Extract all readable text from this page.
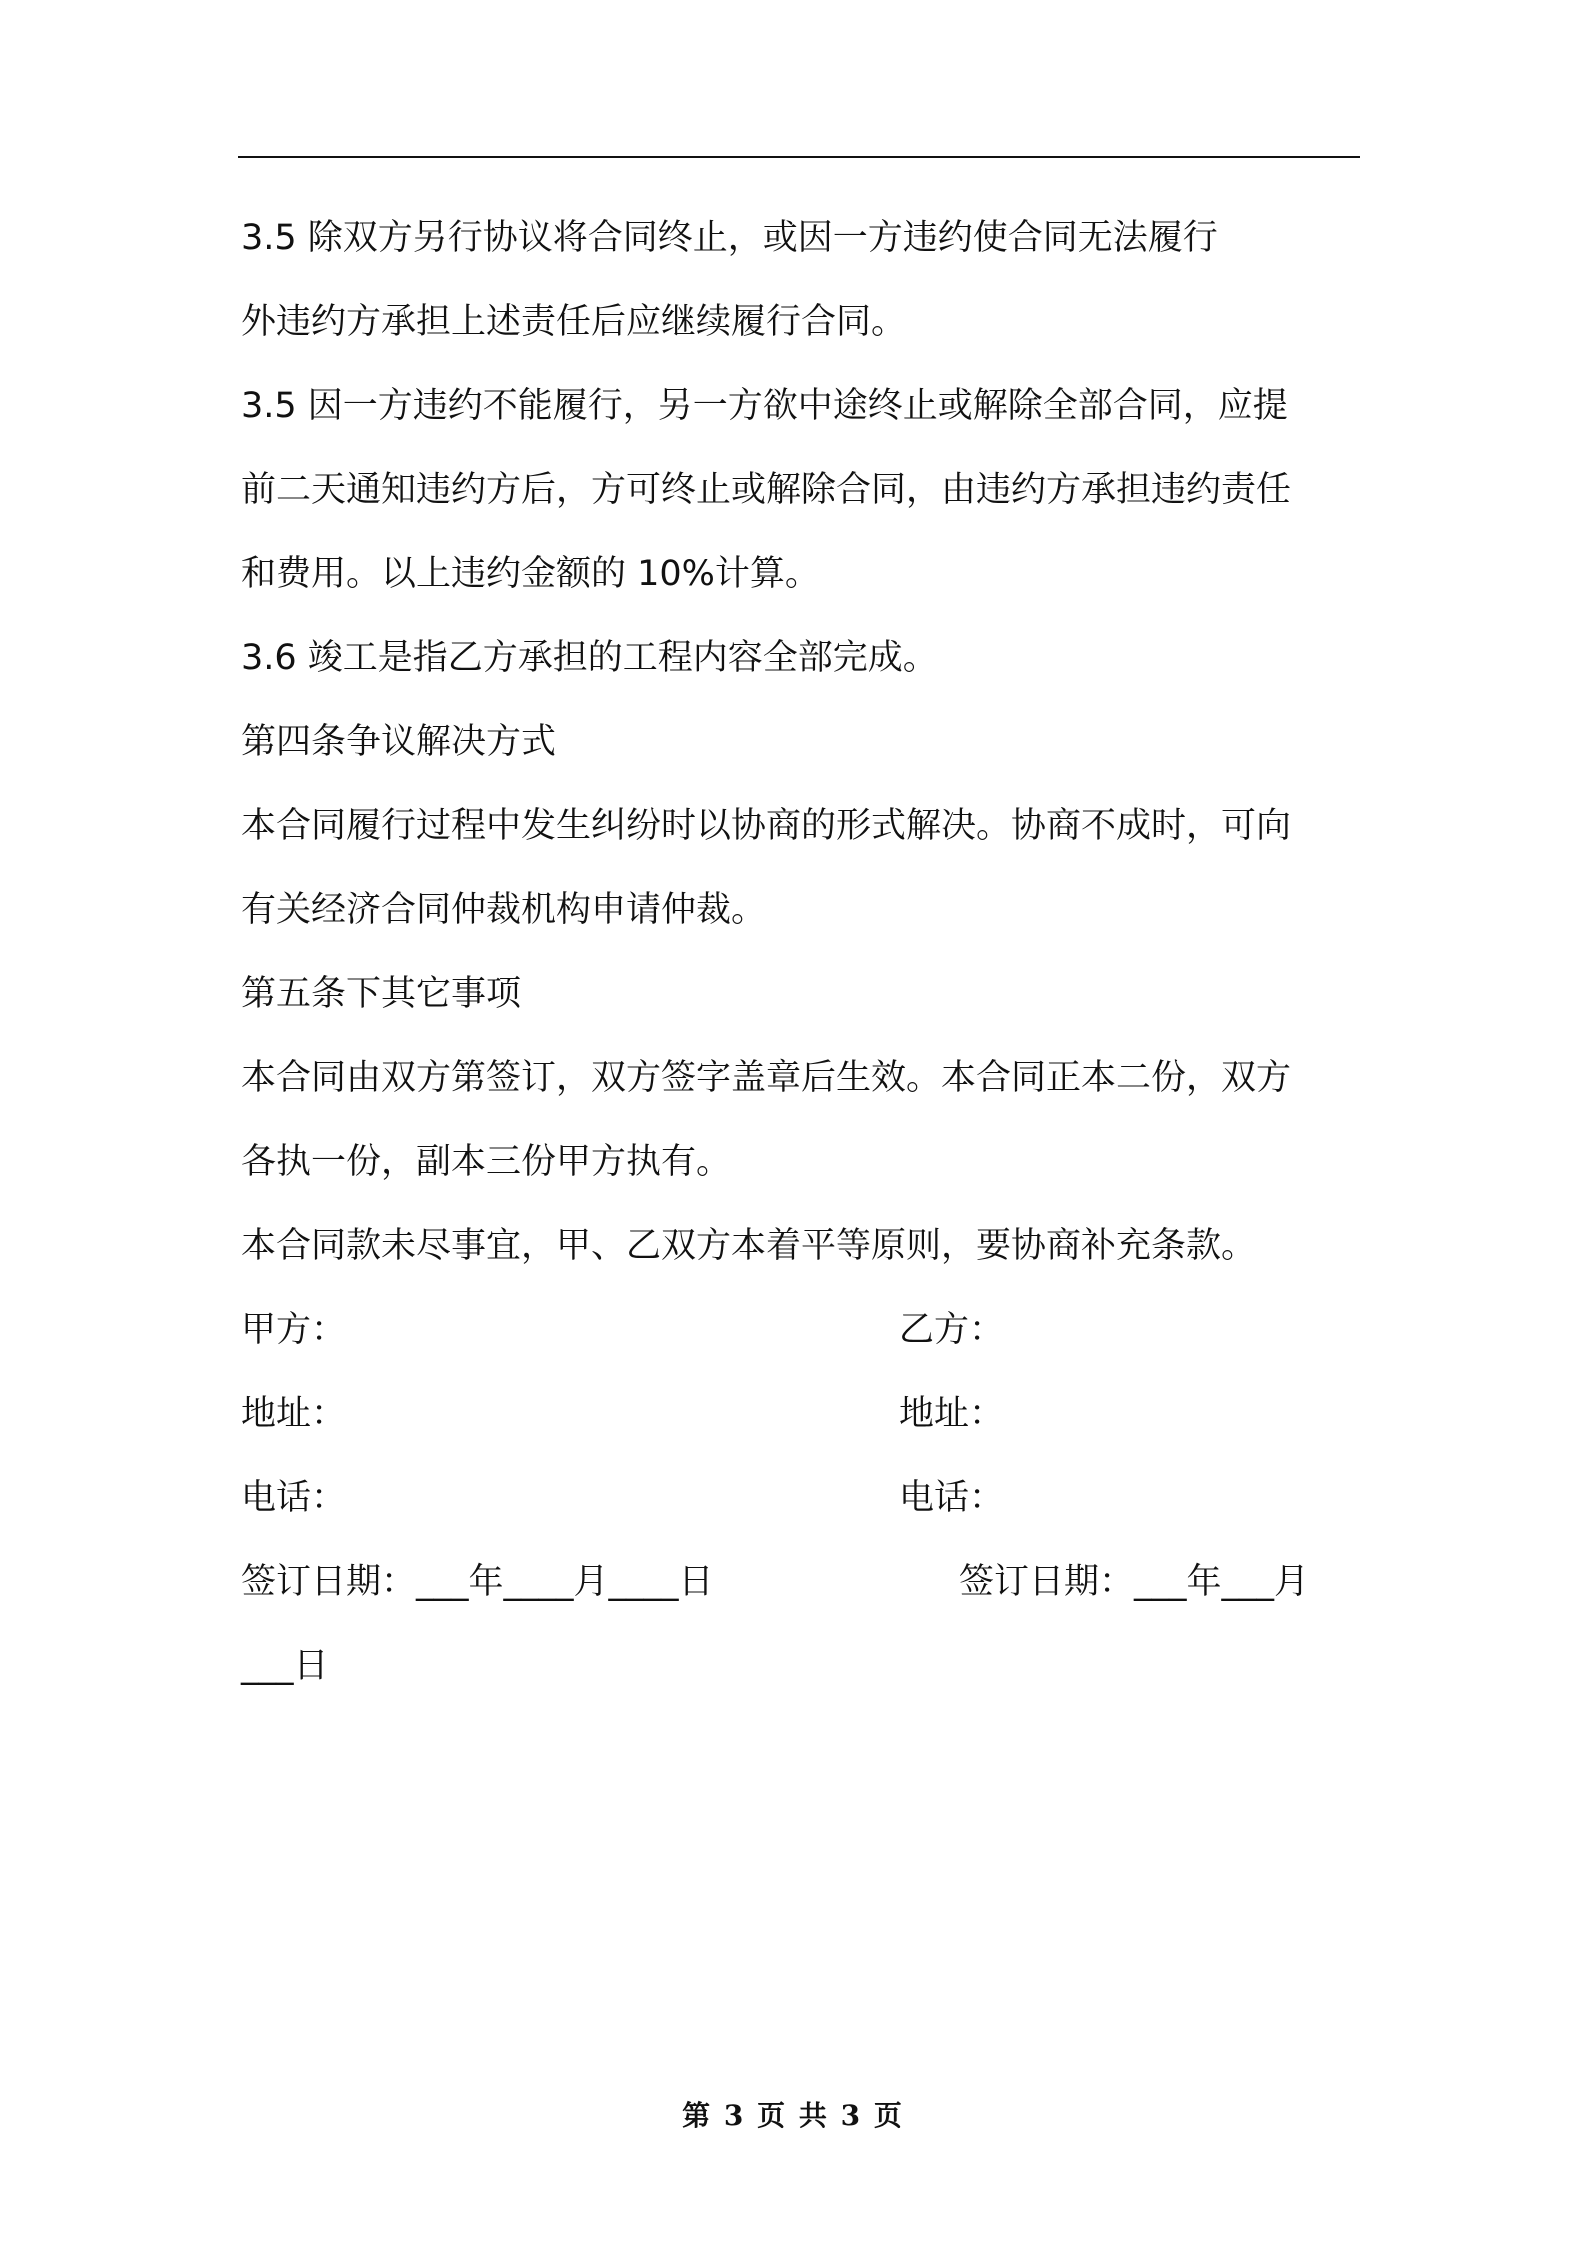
3.5 除双方另行协议将合同终止，或因一方违约使合同无法履行
外违约方承担上述责任后应继续履行合同。
3.5 因一方违约不能履行，另一方欲中途终止或解除全部合同，应提
前二天通知违约方后，方可终止或解除合同，由违约方承担违约责任
和费用。以上违约金额的 10%计算。
3.6 竣工是指乙方承担的工程内容全部完成。
第四条争议解决方式
本合同履行过程中发生纠纷时以协商的形式解决。协商不成时，可向
有关经济合同仲裁机构申请仲裁。
第五条下其它事项
本合同由双方第签订，双方签字盖章后生效。本合同正本二份，双方
各执一份，副本三份甲方执有。
本合同款未尽事宜，甲、乙双方本着平等原则，要协商补充条款。
甲方：	乙方：
地址：	地址：
电话：	电话：
签订日期：___年____月____日	签订日期：___年___月
___日
第 3 页 共 3 页
